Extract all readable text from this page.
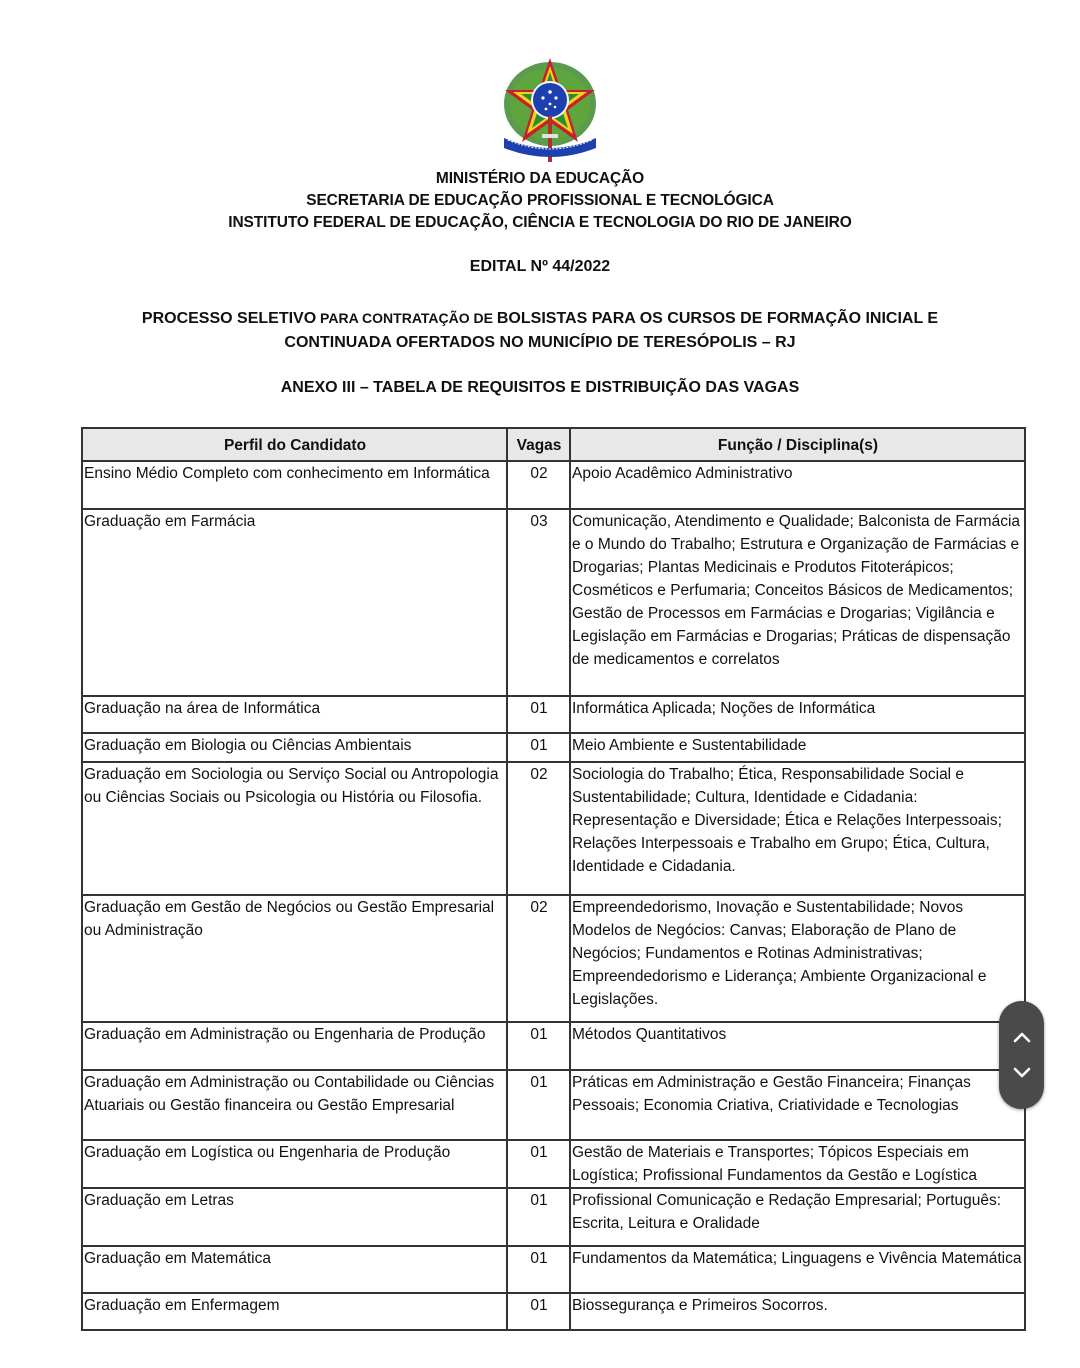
MINISTÉRIO DA EDUCAÇÃO
SECRETARIA DE EDUCAÇÃO PROFISSIONAL E TECNOLÓGICA
INSTITUTO FEDERAL DE EDUCAÇÃO, CIÊNCIA E TECNOLOGIA DO RIO DE JANEIRO
EDITAL Nº 44/2022
PROCESSO SELETIVO PARA CONTRATAÇÃO DE BOLSISTAS PARA OS CURSOS DE FORMAÇÃO INICIAL E
CONTINUADA OFERTADOS NO MUNICÍPIO DE TERESÓPOLIS – RJ
ANEXO III – TABELA DE REQUISITOS E DISTRIBUIÇÃO DAS VAGAS
Perfil do Candidato	Vagas	Função / Disciplina(s)
Ensino Médio Completo com conhecimento em Informática	02	Apoio Acadêmico Administrativo
Graduação em Farmácia	03	Comunicação, Atendimento e Qualidade; Balconista de Farmácia e o Mundo do Trabalho; Estrutura e Organização de Farmácias e Drogarias; Plantas Medicinais e Produtos Fitoterápicos; Cosméticos e Perfumaria; Conceitos Básicos de Medicamentos; Gestão de Processos em Farmácias e Drogarias; Vigilância e Legislação em Farmácias e Drogarias; Práticas de dispensação de medicamentos e correlatos
Graduação na área de Informática	01	Informática Aplicada; Noções de Informática
Graduação em Biologia ou Ciências Ambientais	01	Meio Ambiente e Sustentabilidade
Graduação em Sociologia ou Serviço Social ou Antropologia ou Ciências Sociais ou Psicologia ou História ou Filosofia.	02	Sociologia do Trabalho; Ética, Responsabilidade Social e Sustentabilidade; Cultura, Identidade e Cidadania: Representação e Diversidade; Ética e Relações Interpessoais; Relações Interpessoais e Trabalho em Grupo; Ética, Cultura, Identidade e Cidadania.
Graduação em Gestão de Negócios ou Gestão Empresarial ou Administração	02	Empreendedorismo, Inovação e Sustentabilidade; Novos Modelos de Negócios: Canvas; Elaboração de Plano de Negócios; Fundamentos e Rotinas Administrativas; Empreendedorismo e Liderança; Ambiente Organizacional e Legislações.
Graduação em Administração ou Engenharia de Produção	01	Métodos Quantitativos
Graduação em Administração ou Contabilidade ou Ciências Atuariais ou Gestão financeira ou Gestão Empresarial	01	Práticas em Administração e Gestão Financeira; Finanças Pessoais; Economia Criativa, Criatividade e Tecnologias
Graduação em Logística ou Engenharia de Produção	01	Gestão de Materiais e Transportes; Tópicos Especiais em Logística; Profissional Fundamentos da Gestão e Logística
Graduação em Letras	01	Profissional Comunicação e Redação Empresarial; Português: Escrita, Leitura e Oralidade
Graduação em Matemática	01	Fundamentos da Matemática; Linguagens e Vivência Matemática
Graduação em Enfermagem	01	Biossegurança e Primeiros Socorros.
